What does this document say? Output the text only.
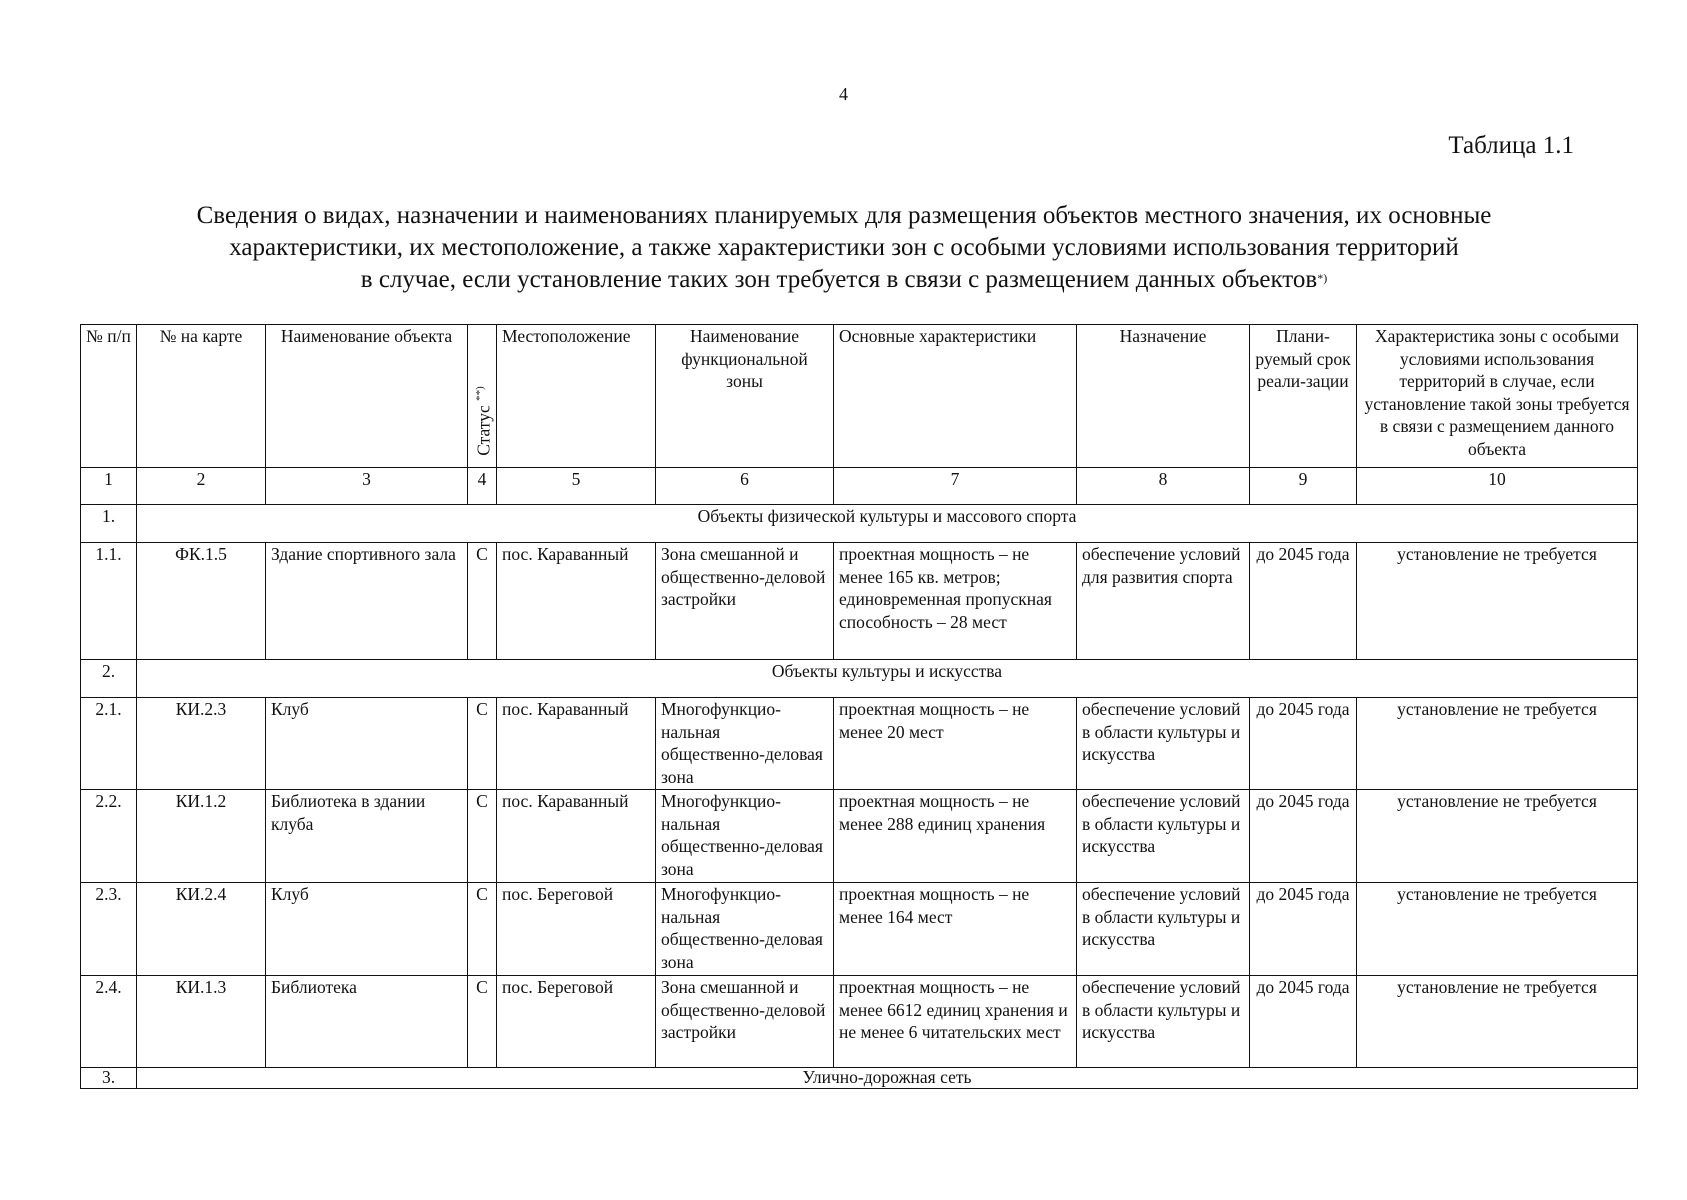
4
Таблица 1.1
Сведения о видах, назначении и наименованиях планируемых для размещения объектов местного значения, их основные
характеристики, их местоположение, а также характеристики зон с особыми условиями использования территорий
в случае, если установление таких зон требуется в связи с размещением данных объектов*)
№ п/п	№ на карте	Наименование объекта	Статус **)	Местоположение	Наименование функциональной зоны	Основные характеристики	Назначение	Плани-руемый срок реали-зации	Характеристика зоны с особыми условиями использования территорий в случае, если установление такой зоны требуется в связи с размещением данного объекта
1	2	3	4	5	6	7	8	9	10
1.	Объекты физической культуры и массового спорта								
1.1.	ФК.1.5	Здание спортивного зала	С	пос. Караванный	Зона смешанной и общественно-деловой застройки	проектная мощность – не менее 165 кв. метров; единовременная пропускная способность – 28 мест	обеспечение условий для развития спорта	до 2045 года	установление не требуется
2.	Объекты культуры и искусства								
2.1.	КИ.2.3	Клуб	С	пос. Караванный	Многофункцио-нальная общественно-деловая зона	проектная мощность – не менее 20 мест	обеспечение условий в области культуры и искусства	до 2045 года	установление не требуется
2.2.	КИ.1.2	Библиотека в здании клуба	С	пос. Караванный	Многофункцио-нальная общественно-деловая зона	проектная мощность – не менее 288 единиц хранения	обеспечение условий в области культуры и искусства	до 2045 года	установление не требуется
2.3.	КИ.2.4	Клуб	С	пос. Береговой	Многофункцио-нальная общественно-деловая зона	проектная мощность – не менее 164 мест	обеспечение условий в области культуры и искусства	до 2045 года	установление не требуется
2.4.	КИ.1.3	Библиотека	С	пос. Береговой	Зона смешанной и общественно-деловой застройки	проектная мощность – не менее 6612 единиц хранения и не менее 6 читательских мест	обеспечение условий в области культуры и искусства	до 2045 года	установление не требуется
3.	Улично-дорожная сеть								
